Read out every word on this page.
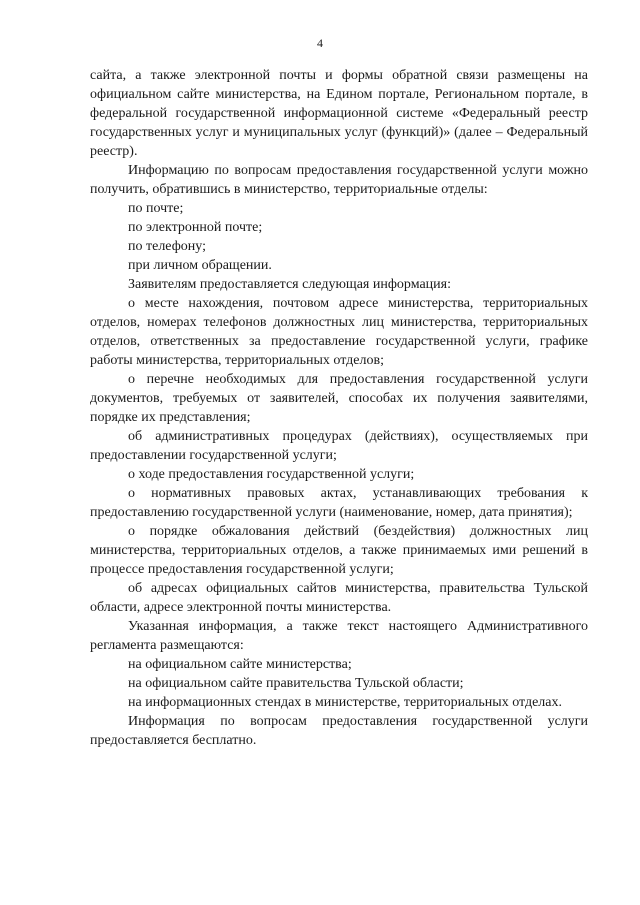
4

сайта, а также электронной почты и формы обратной связи размещены на официальном сайте министерства, на Едином портале, Региональном портале, в федеральной государственной информационной системе «Федеральный реестр государственных услуг и муниципальных услуг (функций)» (далее – Федеральный реестр).

Информацию по вопросам предоставления государственной услуги можно получить, обратившись в министерство, территориальные отделы:

по почте;

по электронной почте;

по телефону;

при личном обращении.

Заявителям предоставляется следующая информация:

о месте нахождения, почтовом адресе министерства, территориальных отделов, номерах телефонов должностных лиц министерства, территориальных отделов, ответственных за предоставление государственной услуги, графике работы министерства, территориальных отделов;

о перечне необходимых для предоставления государственной услуги документов, требуемых от заявителей, способах их получения заявителями, порядке их представления;

об административных процедурах (действиях), осуществляемых при предоставлении государственной услуги;

о ходе предоставления государственной услуги;

о нормативных правовых актах, устанавливающих требования к предоставлению государственной услуги (наименование, номер, дата принятия);

о порядке обжалования действий (бездействия) должностных лиц министерства, территориальных отделов, а также принимаемых ими решений в процессе предоставления государственной услуги;

об адресах официальных сайтов министерства, правительства Тульской области, адресе электронной почты министерства.

Указанная информация, а также текст настоящего Административного регламента размещаются:

на официальном сайте министерства;

на официальном сайте правительства Тульской области;

на информационных стендах в министерстве, территориальных отделах.

Информация по вопросам предоставления государственной услуги предоставляется бесплатно.
